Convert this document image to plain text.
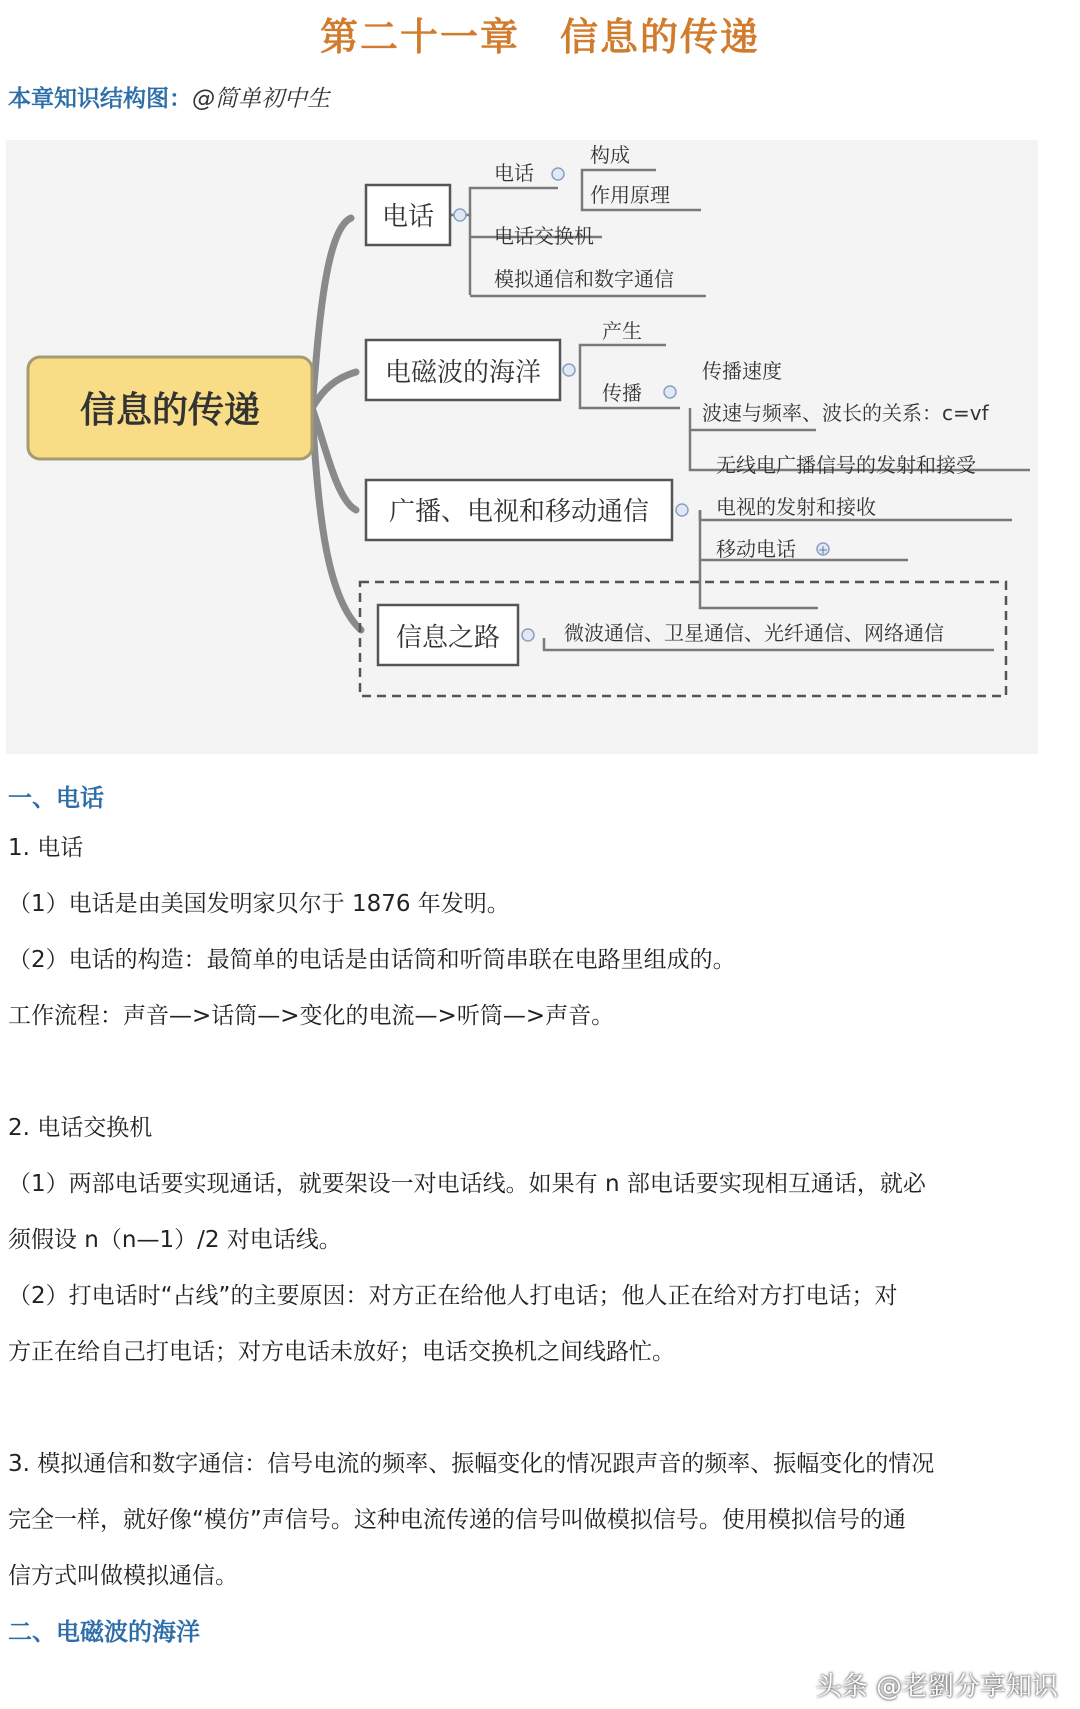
第二十一章　信息的传递
本章知识结构图：@简单初中生
信息的传递
电话
电话
构成
作用原理
电话交换机
模拟通信和数字通信
电磁波的海洋
产生
传播
传播速度
波速与频率、波长的关系：c=vf
广播、电视和移动通信
无线电广播信号的发射和接受
电视的发射和接收
移动电话 +
信息之路	微波通信、卫星通信、光纤通信、网络通信
一、电话
1. 电话
（1）电话是由美国发明家贝尔于 1876 年发明。
（2）电话的构造：最简单的电话是由话筒和听筒串联在电路里组成的。
工作流程：声音—>话筒—>变化的电流—>听筒—>声音。
2. 电话交换机
（1）两部电话要实现通话，就要架设一对电话线。如果有 n 部电话要实现相互通话，就必
须假设 n（n—1）/2 对电话线。
（2）打电话时“占线”的主要原因：对方正在给他人打电话；他人正在给对方打电话；对
方正在给自己打电话；对方电话未放好；电话交换机之间线路忙。
3. 模拟通信和数字通信：信号电流的频率、振幅变化的情况跟声音的频率、振幅变化的情况
完全一样，就好像“模仿”声信号。这种电流传递的信号叫做模拟信号。使用模拟信号的通
信方式叫做模拟通信。
二、电磁波的海洋
头条 @老劉分享知识
